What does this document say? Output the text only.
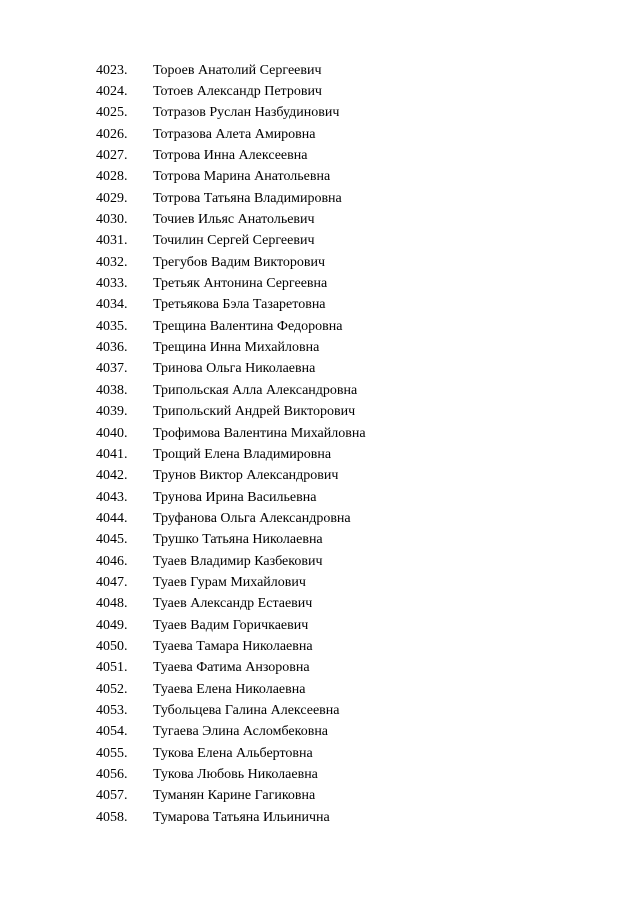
4023.	Тороев Анатолий Сергеевич
4024.	Тотоев Александр Петрович
4025.	Тотразов Руслан Назбудинович
4026.	Тотразова Алета Амировна
4027.	Тотрова Инна Алексеевна
4028.	Тотрова Марина Анатольевна
4029.	Тотрова Татьяна Владимировна
4030.	Точиев Ильяс Анатольевич
4031.	Точилин Сергей Сергеевич
4032.	Трегубов Вадим Викторович
4033.	Третьяк Антонина Сергеевна
4034.	Третьякова Бэла Тазаретовна
4035.	Трещина Валентина Федоровна
4036.	Трещина Инна Михайловна
4037.	Тринова Ольга Николаевна
4038.	Трипольская Алла Александровна
4039.	Трипольский Андрей Викторович
4040.	Трофимова Валентина Михайловна
4041.	Трощий Елена Владимировна
4042.	Трунов Виктор Александрович
4043.	Трунова Ирина Васильевна
4044.	Труфанова Ольга Александровна
4045.	Трушко Татьяна Николаевна
4046.	Туаев Владимир Казбекович
4047.	Туаев Гурам Михайлович
4048.	Туаев Александр Естаевич
4049.	Туаев Вадим Горичкаевич
4050.	Туаева Тамара Николаевна
4051.	Туаева Фатима Анзоровна
4052.	Туаева Елена Николаевна
4053.	Тубольцева Галина Алексеевна
4054.	Тугаева Элина Асломбековна
4055.	Тукова Елена Альбертовна
4056.	Тукова Любовь Николаевна
4057.	Туманян Карине Гагиковна
4058.	Тумарова Татьяна Ильинична
